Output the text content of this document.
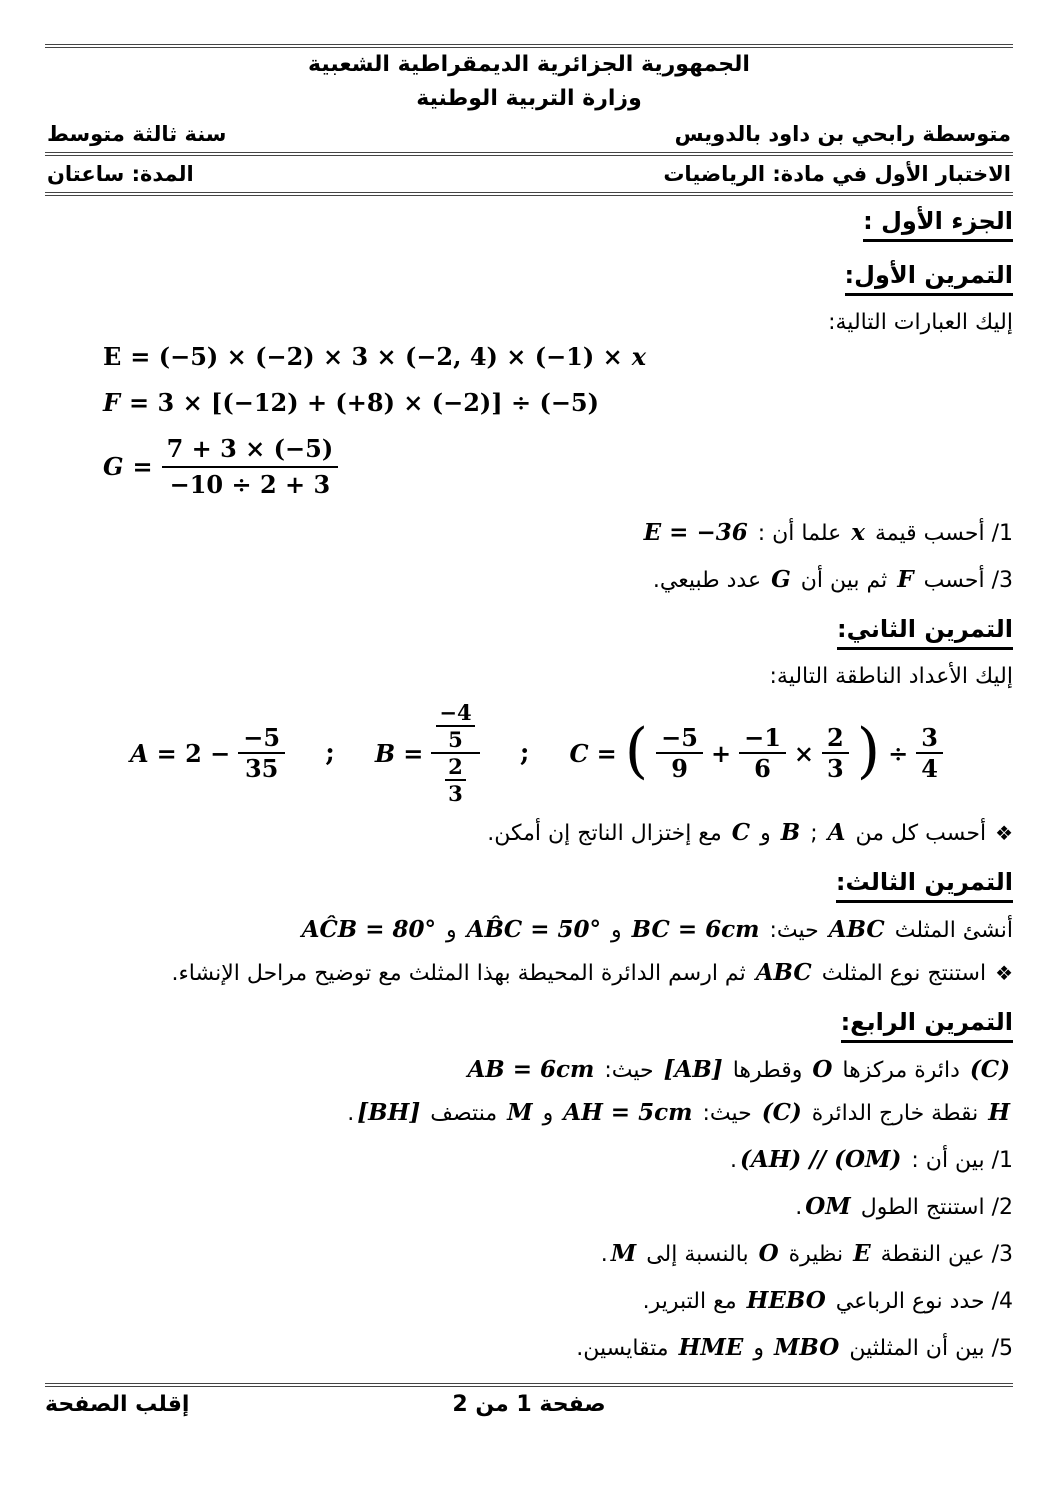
الجمهورية الجزائرية الديمقراطية الشعبية
وزارة التربية الوطنية
متوسطة رابحي بن داود بالدويس
سنة ثالثة متوسط
الاختبار الأول في مادة: الرياضيات
المدة: ساعتان
الجزء الأول :
التمرين الأول:

إليك العبارات التالية:

E = (−5) × (−2) × 3 × (−2, 4) × (−1) × x

F = 3 × [(−12) + (+8) × (−2)] ÷ (−5)

$G = \frac{7 + 3 \times (-5)}{-10 \div 2 + 3}$

1/ أحسب قيمة x علما أن : E = −36

3/ أحسب F ثم بين أن G عدد طبيعي.

التمرين الثاني:

إليك الأعداد الناطقة التالية:

$A = 2 - \frac{-5}{35}$ ; $B = \frac{\frac{-4}{5}}{\frac{2}{3}}$ ; C = ( $\frac{-5}{9} + \frac{-1}{6} \times \frac{2}{3}$ ) ÷ $\frac{3}{4}$

❖ أحسب كل من A ; B و C مع إختزال الناتج إن أمكن.

التمرين الثالث:

أنشئ المثلث ABC حيث: BC = 6cm و AB̂C = 50° و AĈB = 80°

❖ استنتج نوع المثلث ABC ثم ارسم الدائرة المحيطة بهذا المثلث مع توضيح مراحل الإنشاء.

التمرين الرابع:

(C) دائرة مركزها O وقطرها [AB] حيث: AB = 6cm

H نقطة خارج الدائرة (C) حيث: AH = 5cm و M منتصف [BH].

1/ بين أن : (AH) // (OM).

2/ استنتج الطول OM.

3/ عين النقطة E نظيرة O بالنسبة إلى M.

4/ حدد نوع الرباعي HEBO مع التبرير.

5/ بين أن المثلثين MBO و HME متقايسين.

صفحة 1 من 2
إقلب الصفحة
